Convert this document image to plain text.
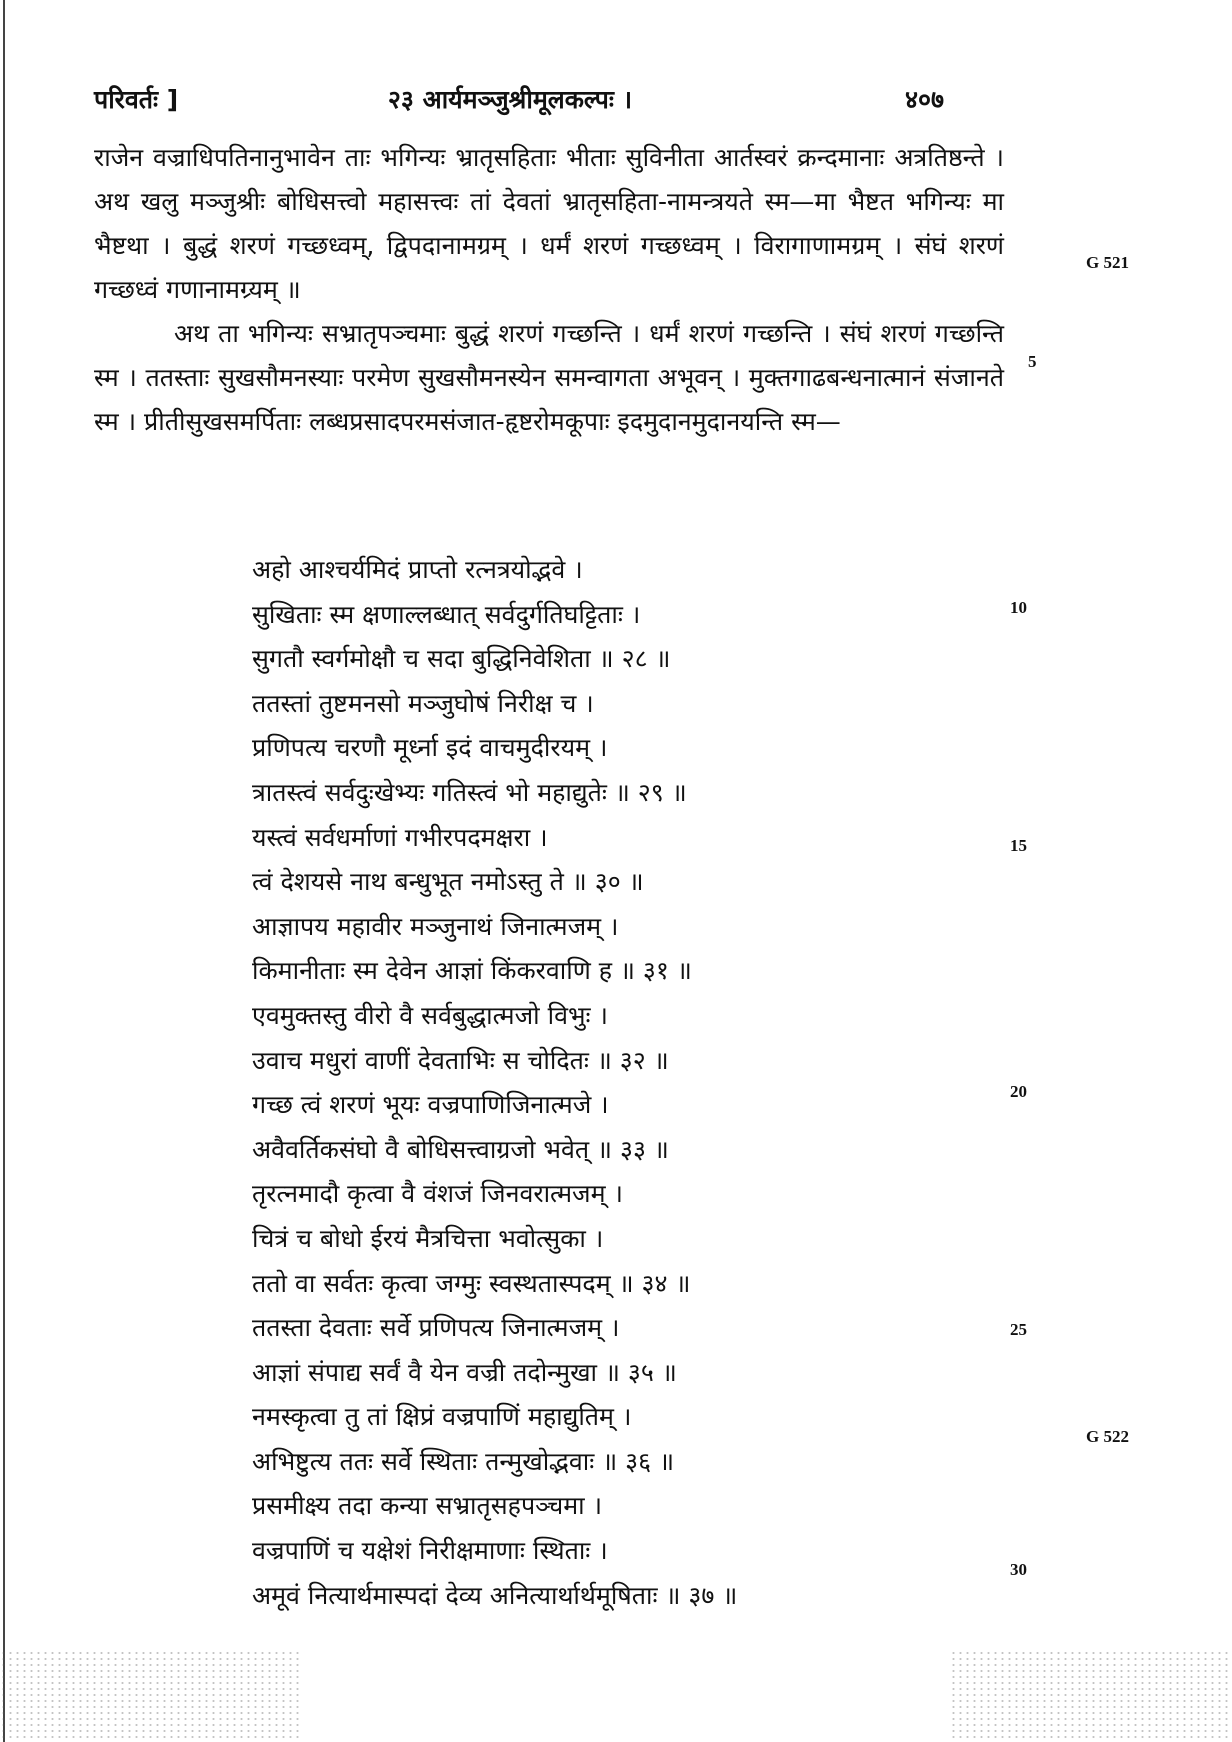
परिवर्तः ]	२३ आर्यमञ्जुश्रीमूलकल्पः ।	४०७

राजेन वज्राधिपतिनानुभावेन ताः भगिन्यः भ्रातृसहिताः भीताः सुविनीता आर्तस्वरं क्रन्दमानाः अत्रतिष्ठन्ते । अथ खलु मञ्जुश्रीः बोधिसत्त्वो महासत्त्वः तां देवतां भ्रातृसहिता-नामन्त्रयते स्म—मा भैष्टत भगिन्यः मा भैष्टथा । बुद्धं शरणं गच्छध्वम्, द्विपदानामग्रम् । धर्मं शरणं गच्छध्वम् । विरागाणामग्रम् । संघं शरणं गच्छध्वं गणानामग्र्यम् ॥

अथ ता भगिन्यः सभ्रातृपञ्चमाः बुद्धं शरणं गच्छन्ति । धर्मं शरणं गच्छन्ति । संघं शरणं गच्छन्ति स्म । ततस्ताः सुखसौमनस्याः परमेण सुखसौमनस्येन समन्वागता अभूवन् । मुक्तगाढबन्धनात्मानं संजानते स्म । प्रीतीसुखसमर्पिताः लब्धप्रसादपरमसंजात-हृष्टरोमकूपाः इदमुदानमुदानयन्ति स्म—

अहो आश्चर्यमिदं प्राप्तो रत्नत्रयोद्भवे ।
सुखिताः स्म क्षणाल्लब्धात् सर्वदुर्गतिघट्टिताः ।
सुगतौ स्वर्गमोक्षौ च सदा बुद्धिनिवेशिता ॥ २८ ॥
ततस्तां तुष्टमनसो मञ्जुघोषं निरीक्ष च ।
प्रणिपत्य चरणौ मूर्ध्ना इदं वाचमुदीरयम् ।
त्रातस्त्वं सर्वदुःखेभ्यः गतिस्त्वं भो महाद्युतेः ॥ २९ ॥
यस्त्वं सर्वधर्माणां गभीरपदमक्षरा ।
त्वं देशयसे नाथ बन्धुभूत नमोऽस्तु ते ॥ ३० ॥
आज्ञापय महावीर मञ्जुनाथं जिनात्मजम् ।
किमानीताः स्म देवेन आज्ञां किंकरवाणि ह ॥ ३१ ॥
एवमुक्तस्तु वीरो वै सर्वबुद्धात्मजो विभुः ।
उवाच मधुरां वाणीं देवताभिः स चोदितः ॥ ३२ ॥
गच्छ त्वं शरणं भूयः वज्रपाणिजिनात्मजे ।
अवैवर्तिकसंघो वै बोधिसत्त्वाग्रजो भवेत् ॥ ३३ ॥
तृरत्नमादौ कृत्वा वै वंशजं जिनवरात्मजम् ।
चित्रं च बोधो ईरयं मैत्रचित्ता भवोत्सुका ।
ततो वा सर्वतः कृत्वा जग्मुः स्वस्थतास्पदम् ॥ ३४ ॥
ततस्ता देवताः सर्वे प्रणिपत्य जिनात्मजम् ।
आज्ञां संपाद्य सर्वं वै येन वज्री तदोन्मुखा ॥ ३५ ॥
नमस्कृत्वा तु तां क्षिप्रं वज्रपाणिं महाद्युतिम् ।
अभिष्टुत्य ततः सर्वे स्थिताः तन्मुखोद्भवाः ॥ ३६ ॥
प्रसमीक्ष्य तदा कन्या सभ्रातृसहपञ्चमा ।
वज्रपाणिं च यक्षेशं निरीक्षमाणाः स्थिताः ।
अमूवं नित्यार्थमास्पदां देव्य अनित्यार्थार्थमूषिताः ॥ ३७ ॥
5
10
15
20
25
30
G 521
G 522
